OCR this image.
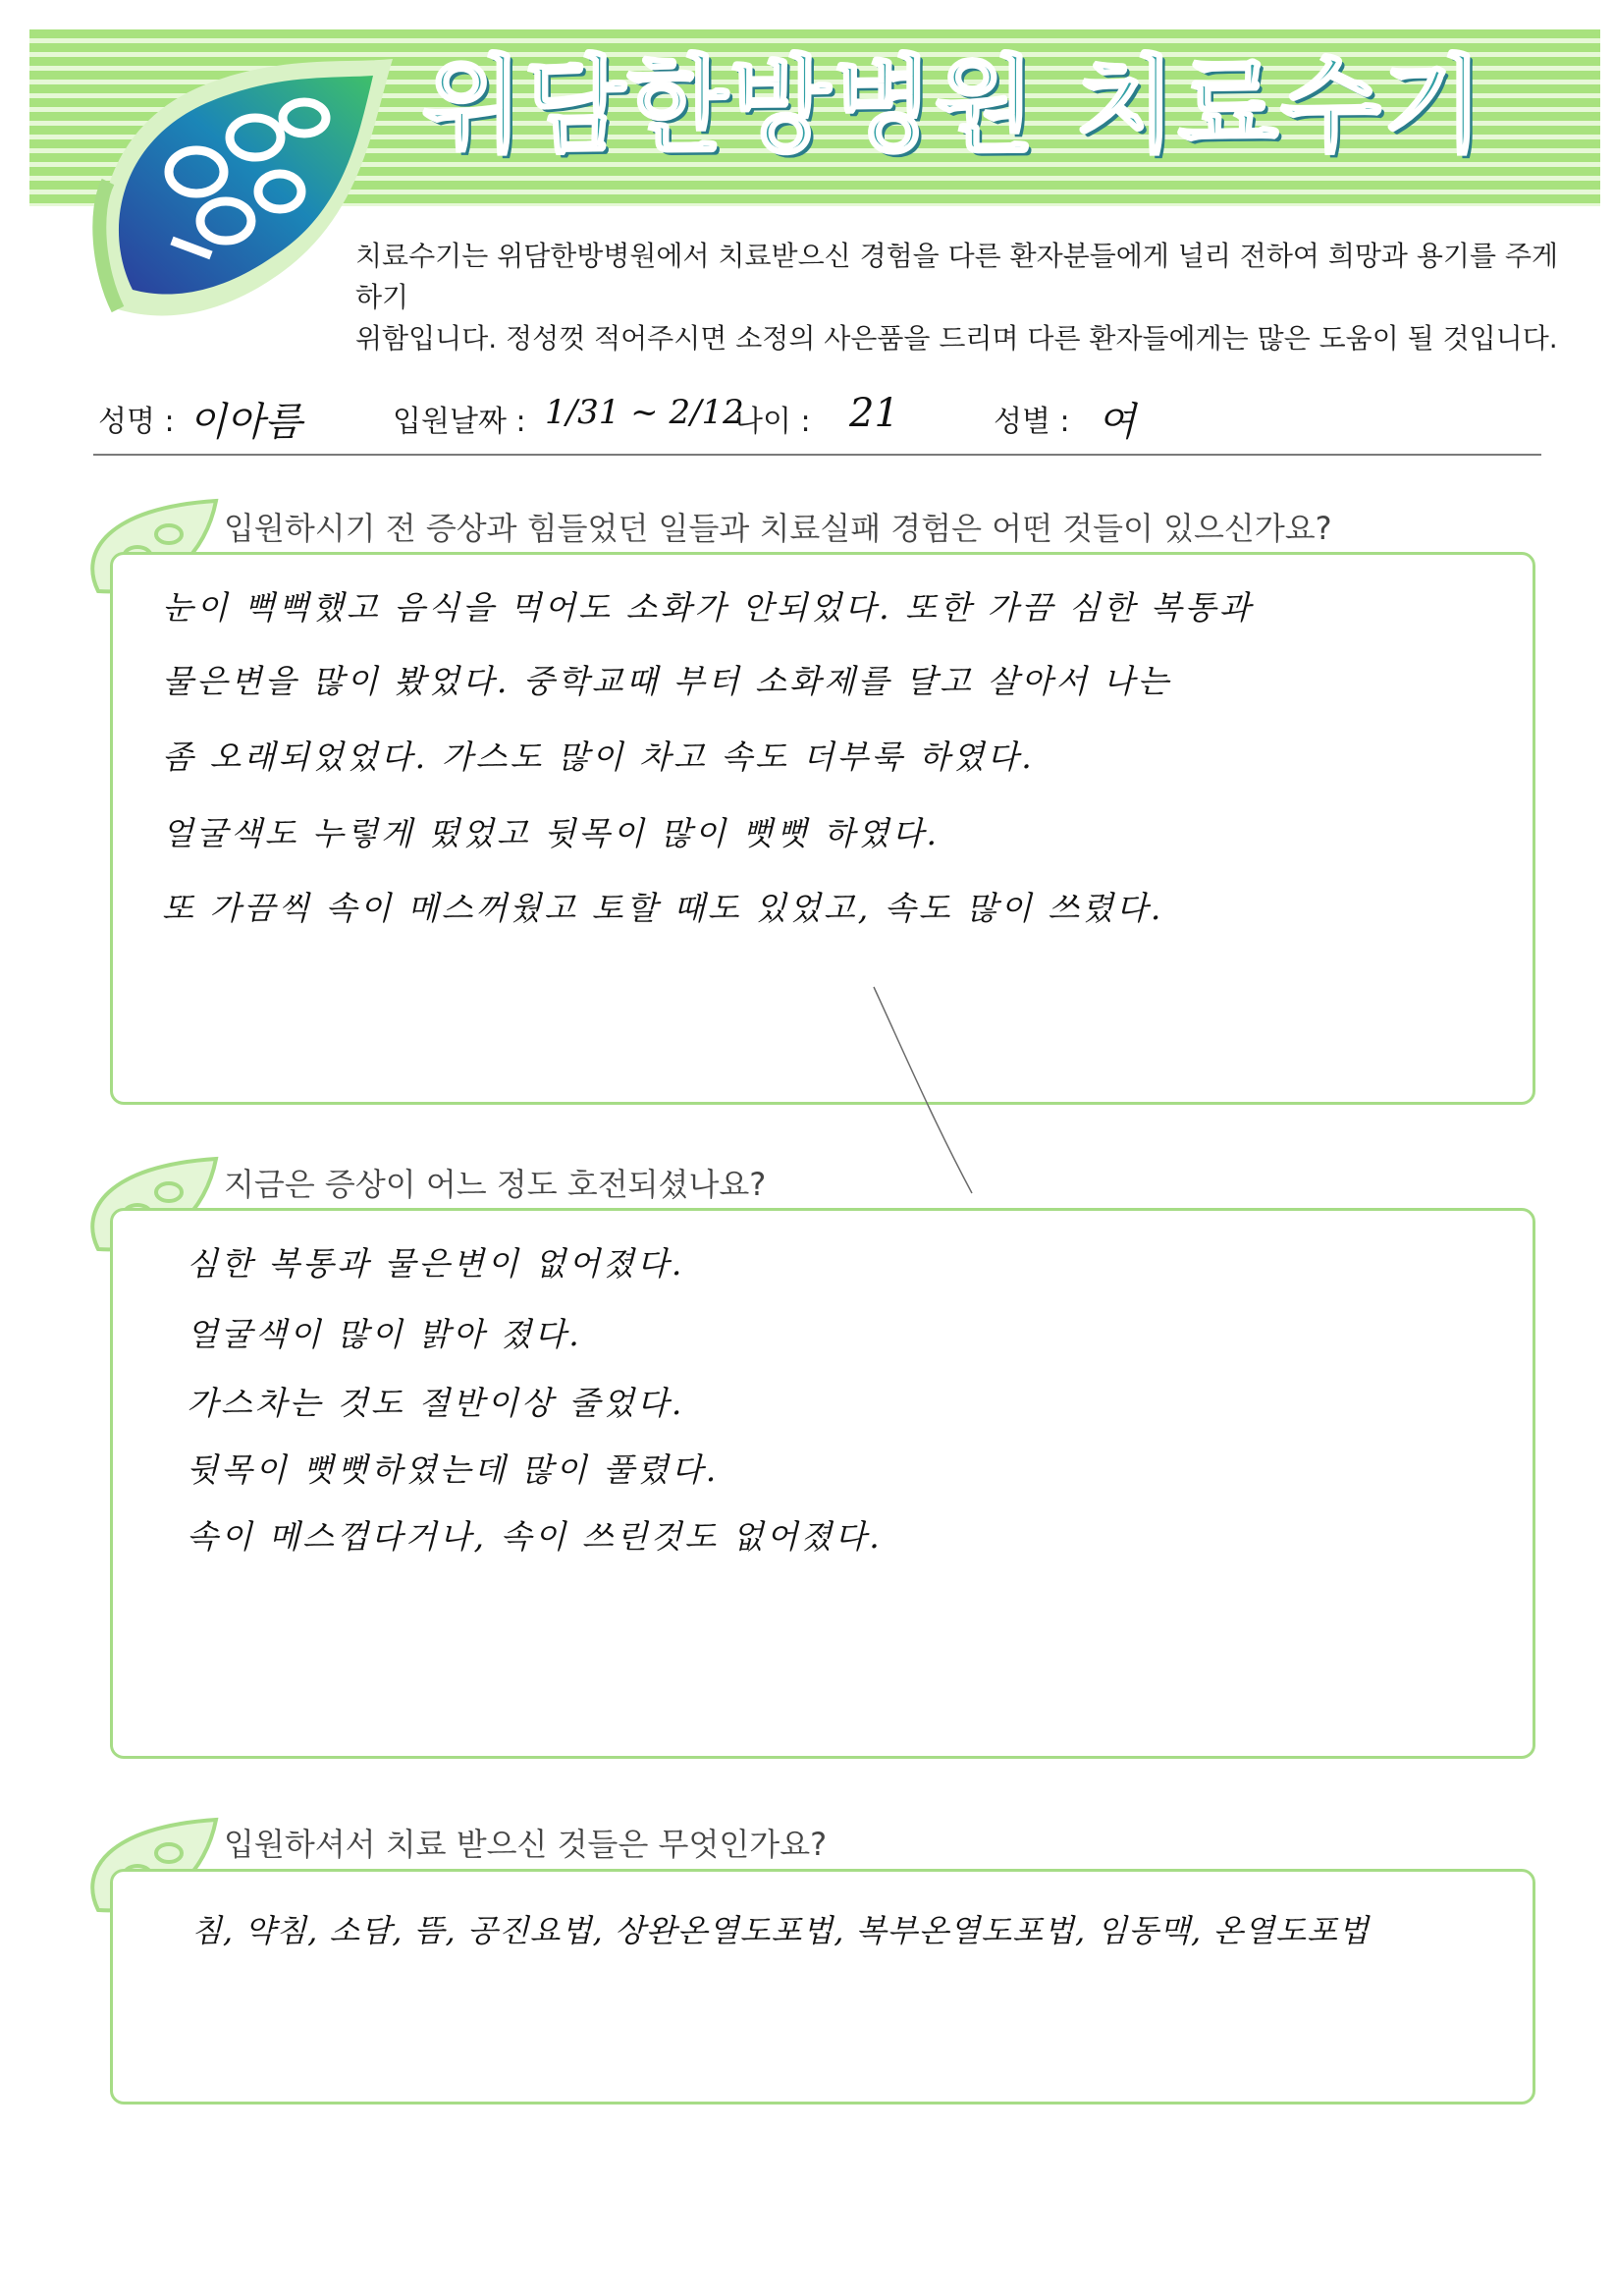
위담한방병원 치료수기
치료수기는 위담한방병원에서 치료받으신 경험을 다른 환자분들에게 널리 전하여 희망과 용기를 주게 하기
위함입니다. 정성껏 적어주시면 소정의 사은품을 드리며 다른 환자들에게는 많은 도움이 될 것입니다.
성명 : 이아름	입원날짜 : 1/31 ~ 2/12
나이 : 21	성별 : 여

입원하시기 전 증상과 힘들었던 일들과 치료실패 경험은 어떤 것들이 있으신가요?

눈이 뻑뻑했고 음식을 먹어도 소화가 안되었다. 또한 가끔 심한 복통과

물은변을 많이 봤었다. 중학교때 부터 소화제를 달고 살아서 나는

좀 오래되었었다. 가스도 많이 차고 속도 더부룩 하였다.

얼굴색도 누렇게 떴었고 뒷목이 많이 뻣뻣 하였다.

또 가끔씩 속이 메스꺼웠고 토할 때도 있었고, 속도 많이 쓰렸다.

지금은 증상이 어느 정도 호전되셨나요?

심한 복통과 물은변이 없어졌다.

얼굴색이 많이 밝아 졌다.

가스차는 것도 절반이상 줄었다.

뒷목이 뻣뻣하였는데 많이 풀렸다.

속이 메스껍다거나, 속이 쓰린것도 없어졌다.

입원하셔서 치료 받으신 것들은 무엇인가요?

침, 약침, 소담, 뜸, 공진요법, 상완온열도포법, 복부온열도포법, 임동맥, 온열도포법
